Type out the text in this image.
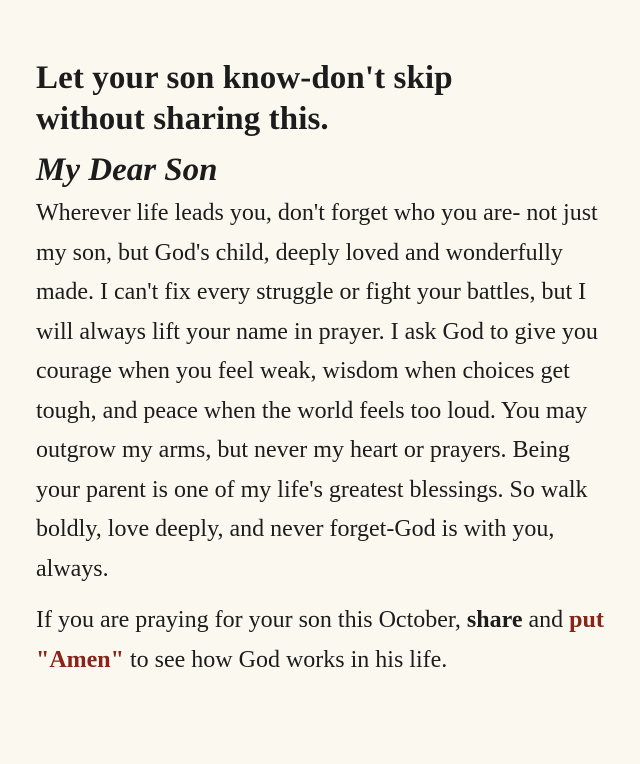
Let your son know-don't skip
without sharing this.
My Dear Son

Wherever life leads you, don't forget who you are- not just my son, but God's child, deeply loved and wonderfully made. I can't fix every struggle or fight your battles, but I will always lift your name in prayer. I ask God to give you courage when you feel weak, wisdom when choices get tough, and peace when the world feels too loud. You may outgrow my arms, but never my heart or prayers. Being your parent is one of my life's greatest blessings. So walk boldly, love deeply, and never forget-God is with you, always.

If you are praying for your son this October, share and put "Amen" to see how God works in his life.
